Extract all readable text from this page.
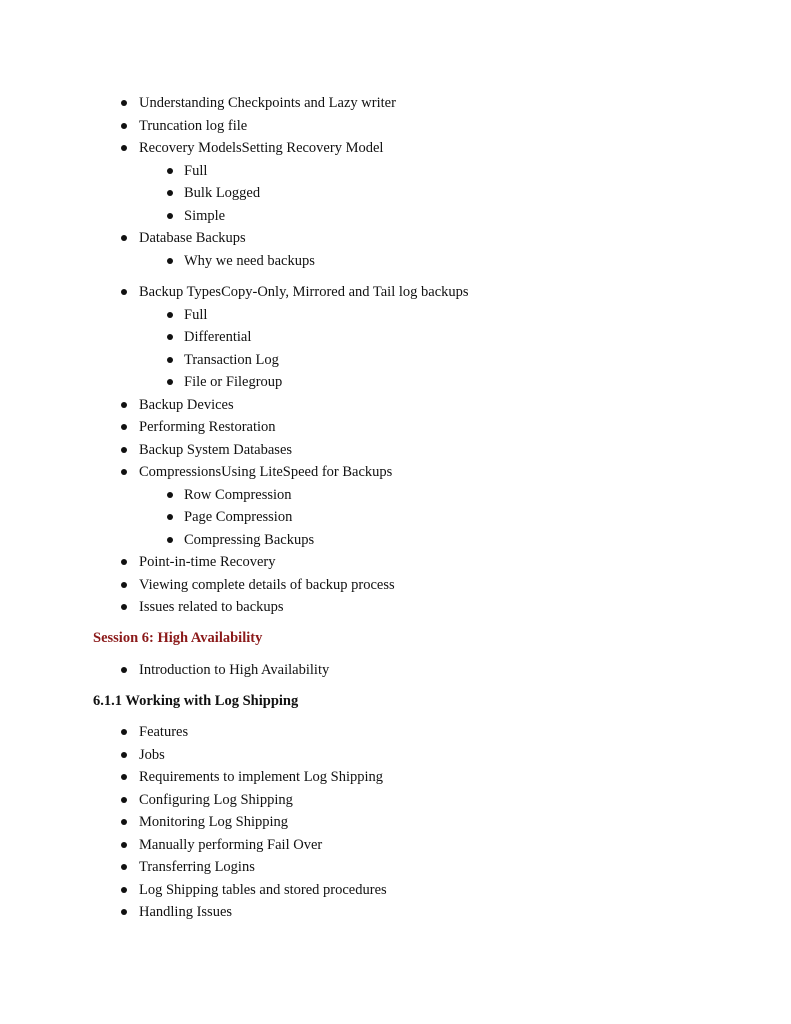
Understanding Checkpoints and Lazy writer
Truncation log file
Recovery ModelsSetting Recovery Model
Full
Bulk Logged
Simple
Database Backups
Why we need backups
Backup TypesCopy-Only, Mirrored and Tail log backups
Full
Differential
Transaction Log
File or Filegroup
Backup Devices
Performing Restoration
Backup System Databases
CompressionsUsing LiteSpeed for Backups
Row Compression
Page Compression
Compressing Backups
Point-in-time Recovery
Viewing complete details of backup process
Issues related to backups
Session 6: High Availability
Introduction to High Availability
6.1.1 Working with Log Shipping
Features
Jobs
Requirements to implement Log Shipping
Configuring Log Shipping
Monitoring Log Shipping
Manually performing Fail Over
Transferring Logins
Log Shipping tables and stored procedures
Handling Issues
